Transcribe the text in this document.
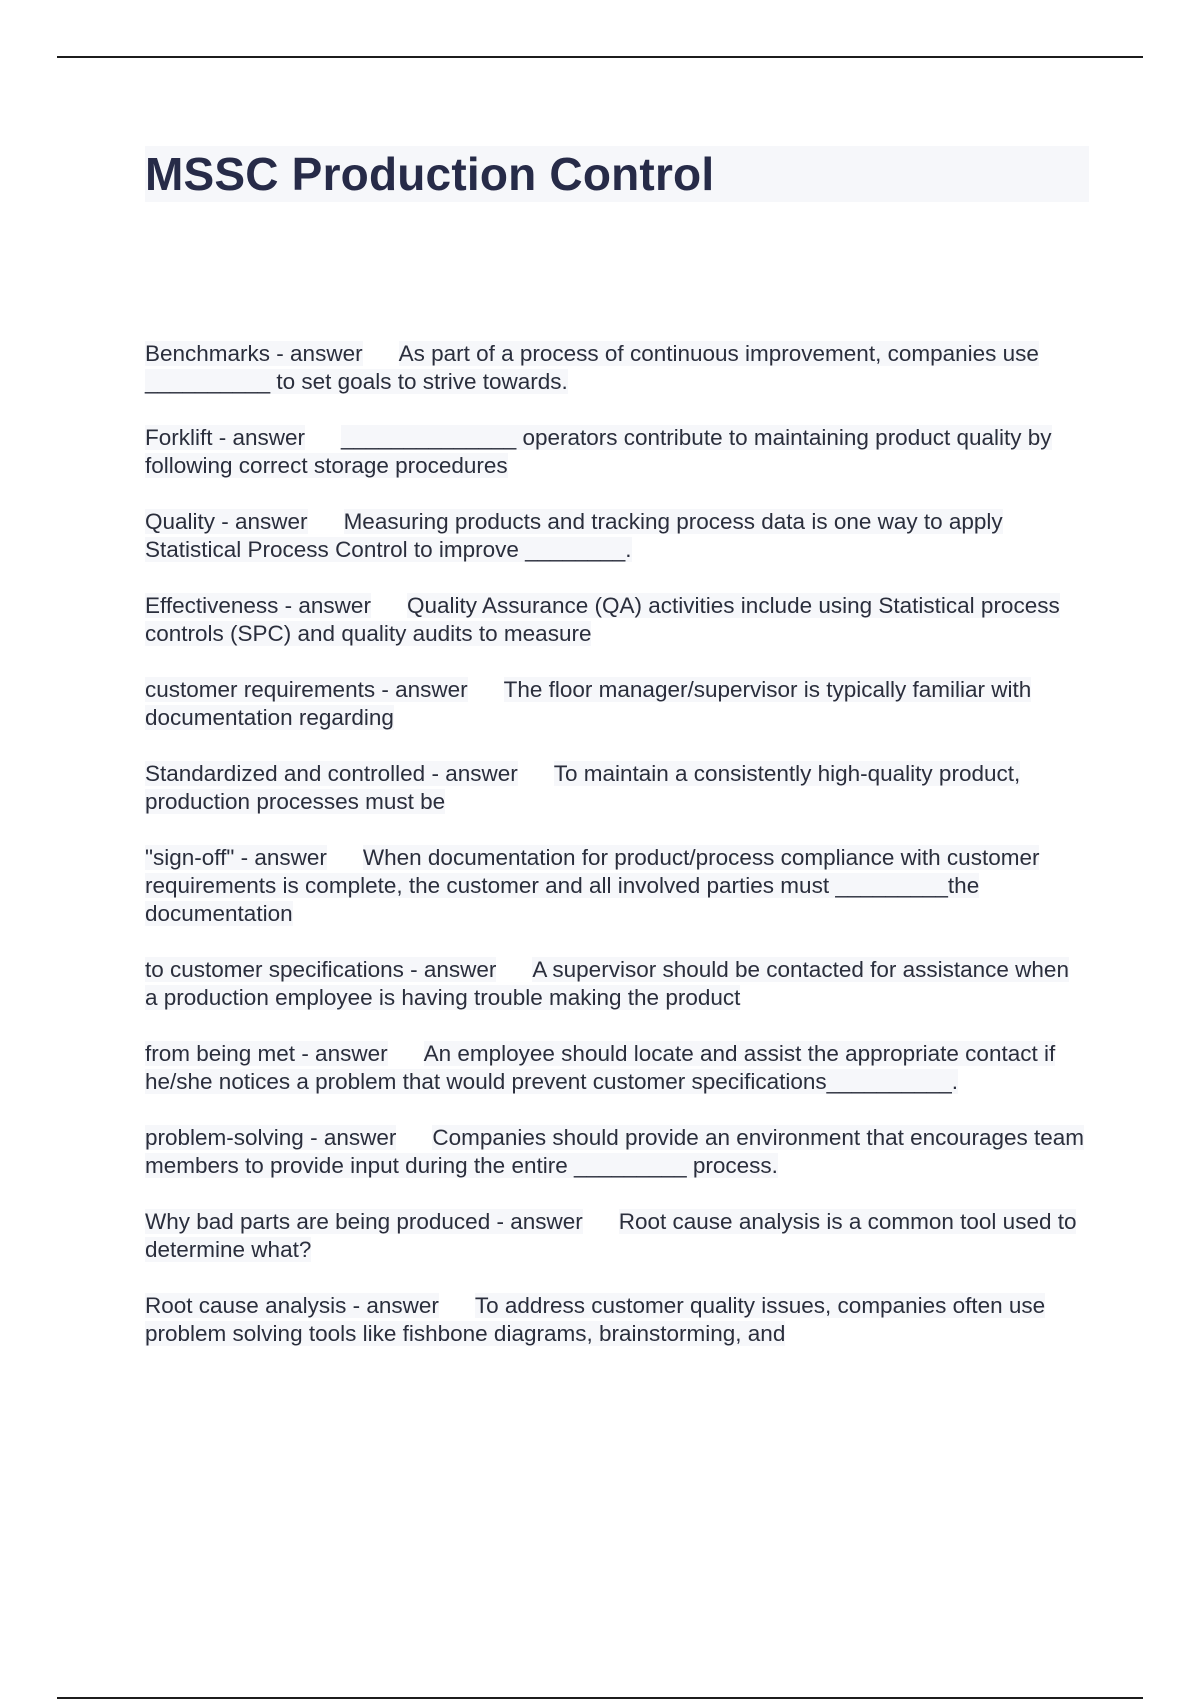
MSSC Production Control
Benchmarks - answer As part of a process of continuous improvement, companies use __________ to set goals to strive towards.
Forklift - answer ______________ operators contribute to maintaining product quality by following correct storage procedures
Quality - answer Measuring products and tracking process data is one way to apply Statistical Process Control to improve ________.
Effectiveness - answer Quality Assurance (QA) activities include using Statistical process controls (SPC) and quality audits to measure
customer requirements - answer The floor manager/supervisor is typically familiar with documentation regarding
Standardized and controlled - answer To maintain a consistently high-quality product, production processes must be
"sign-off" - answer When documentation for product/process compliance with customer requirements is complete, the customer and all involved parties must _________the documentation
to customer specifications - answer A supervisor should be contacted for assistance when a production employee is having trouble making the product
from being met - answer An employee should locate and assist the appropriate contact if he/she notices a problem that would prevent customer specifications__________.
problem-solving - answer Companies should provide an environment that encourages team members to provide input during the entire _________ process.
Why bad parts are being produced - answer Root cause analysis is a common tool used to determine what?
Root cause analysis - answer To address customer quality issues, companies often use problem solving tools like fishbone diagrams, brainstorming, and
